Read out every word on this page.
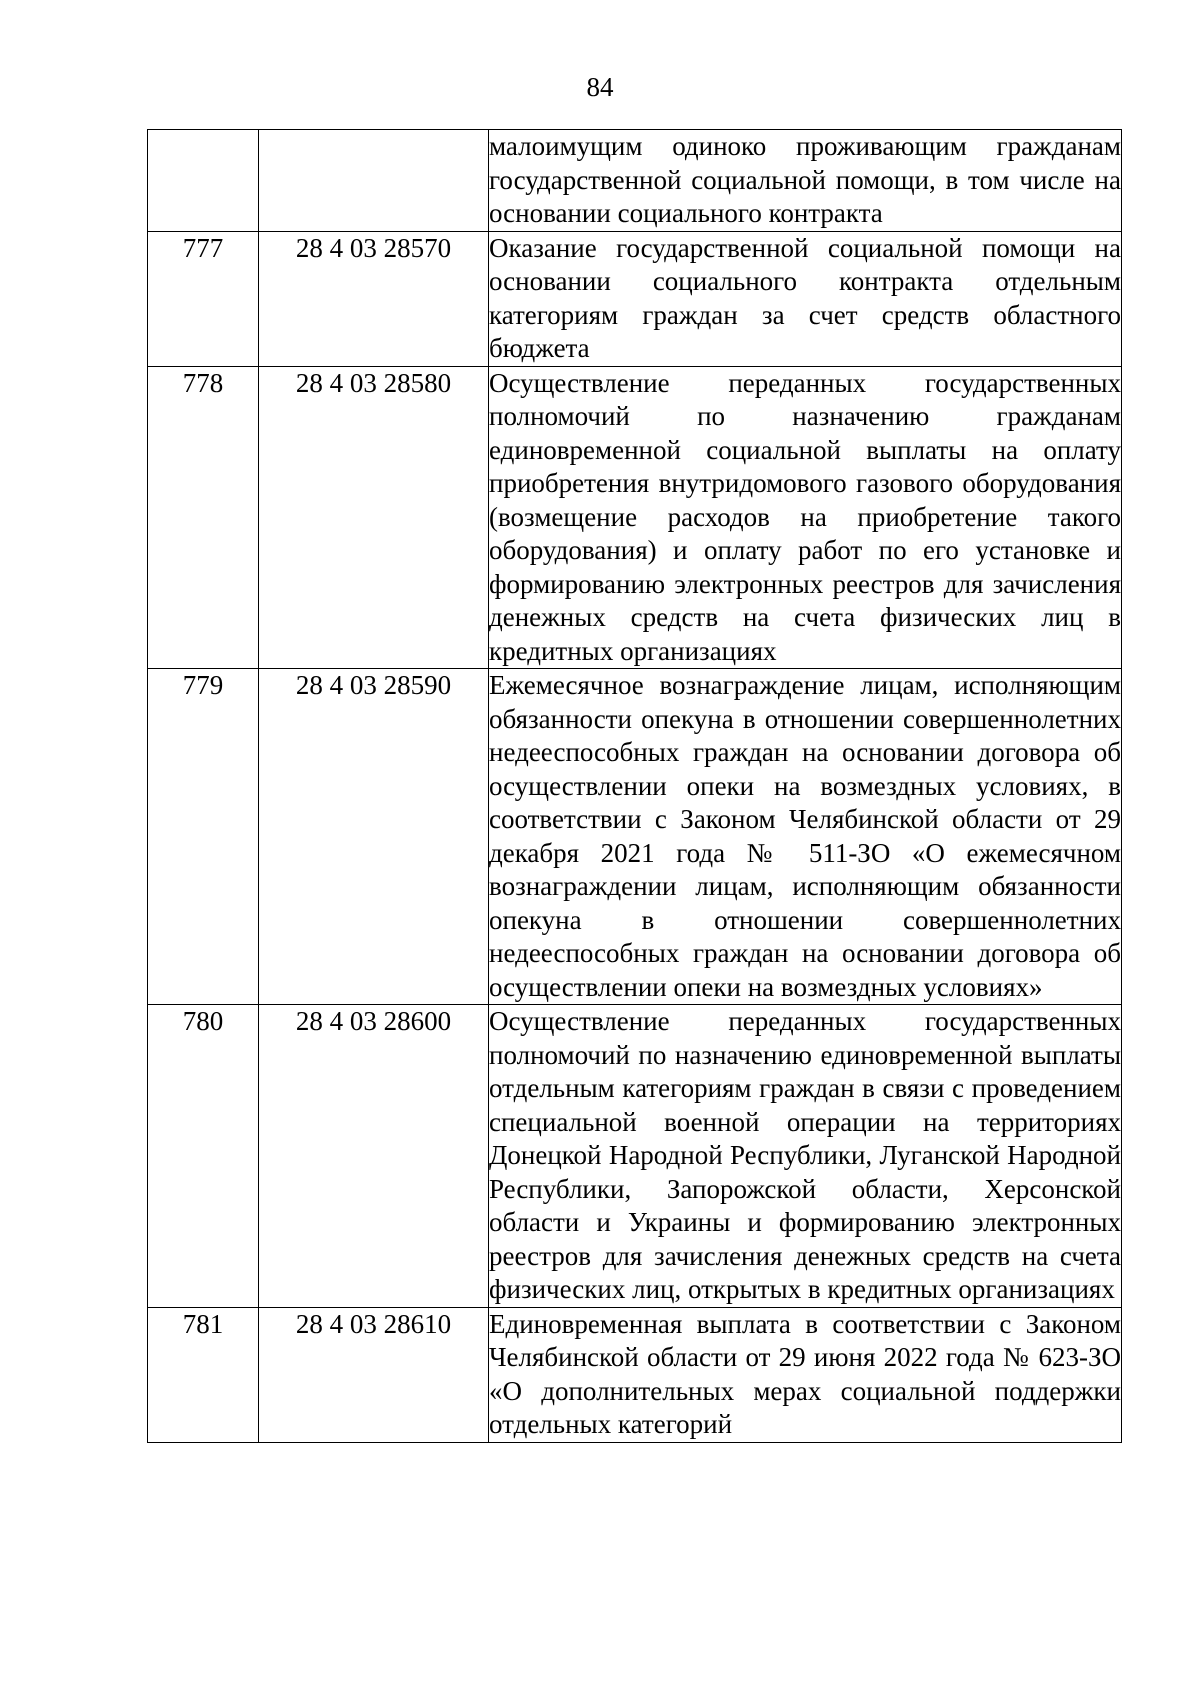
84
		малоимущим одиноко проживающим гражданам государственной социальной помощи, в том числе на основании социального контракта
777	28 4 03 28570	Оказание государственной социальной помощи на основании социального контракта отдельным категориям граждан за счет средств областного бюджета
778	28 4 03 28580	Осуществление переданных государственных полномочий по назначению гражданам единовременной социальной выплаты на оплату приобретения внутридомового газового оборудования (возмещение расходов на приобретение такого оборудования) и оплату работ по его установке и формированию электронных реестров для зачисления денежных средств на счета физических лиц в кредитных организациях
779	28 4 03 28590	Ежемесячное вознаграждение лицам, исполняющим обязанности опекуна в отношении совершеннолетних недееспособных граждан на основании договора об осуществлении опеки на возмездных условиях, в соответствии с Законом Челябинской области от 29 декабря 2021 года № 511-ЗО «О ежемесячном вознаграждении лицам, исполняющим обязанности опекуна в отношении совершеннолетних недееспособных граждан на основании договора об осуществлении опеки на возмездных условиях»
780	28 4 03 28600	Осуществление переданных государственных полномочий по назначению единовременной выплаты отдельным категориям граждан в связи с проведением специальной военной операции на территориях Донецкой Народной Республики, Луганской Народной Республики, Запорожской области, Херсонской области и Украины и формированию электронных реестров для зачисления денежных средств на счета физических лиц, открытых в кредитных организациях
781	28 4 03 28610	Единовременная выплата в соответствии с Законом Челябинской области от 29 июня 2022 года № 623-ЗО «О дополнительных мерах социальной поддержки отдельных категорий
